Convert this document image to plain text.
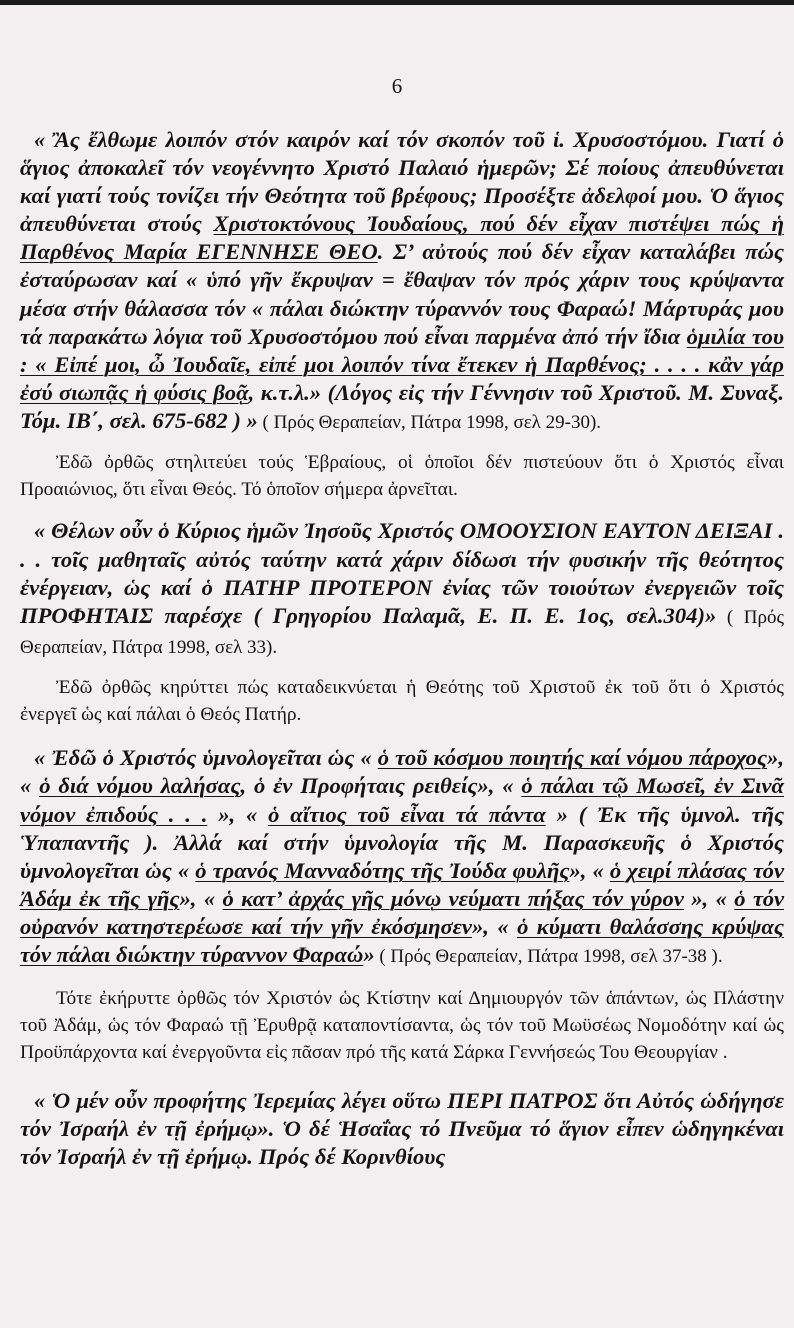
6

« Ἂς ἔλθωμε λοιπόν στόν καιρόν καί τόν σκοπόν τοῦ ἱ. Χρυσοστόμου. Γιατί ὁ ἅγιος ἀποκαλεῖ τόν νεογέννητο Χριστό Παλαιό ἡμερῶν; Σέ ποίους ἀπευθύνεται καί γιατί τούς τονίζει τήν Θεότητα τοῦ βρέφους; Προσέξτε ἀδελφοί μου. Ὁ ἅγιος ἀπευθύνεται στούς Χριστοκτόνους Ἰουδαίους, πού δέν εἶχαν πιστέψει πώς ἡ Παρθένος Μαρία ΕΓΕΝΝΗΣΕ ΘΕΟ. Σ’ αὐτούς πού δέν εἶχαν καταλάβει πώς ἐσταύρωσαν καί « ὑπό γῆν ἔκρυψαν = ἔθαψαν τόν πρός χάριν τους κρύψαντα μέσα στήν θάλασσα τόν « πάλαι διώκτην τύραννόν τους Φαραώ! Μάρτυράς μου τά παρακάτω λόγια τοῦ Χρυσοστόμου πού εἶναι παρμένα ἀπό τήν ἴδια ὁμιλία του : « Εἰπέ μοι, ὦ Ἰουδαῖε, εἰπέ μοι λοιπόν τίνα ἔτεκεν ἡ Παρθένος; . . . . κἂν γάρ ἐσύ σιωπᾷς ἡ φύσις βοᾷ, κ.τ.λ.» (Λόγος εἰς τήν Γέννησιν τοῦ Χριστοῦ. Μ. Συναξ. Τόμ. ΙΒ΄, σελ. 675-682 ) » ( Πρός Θεραπείαν, Πάτρα 1998, σελ 29-30).

Ἐδῶ ὀρθῶς στηλιτεύει τούς Ἑβραίους, οἱ ὁποῖοι δέν πιστεύουν ὅτι ὁ Χριστός εἶναι Προαιώνιος, ὅτι εἶναι Θεός. Τό ὁποῖον σήμερα ἀρνεῖται.

« Θέλων οὖν ὁ Κύριος ἡμῶν Ἰησοῦς Χριστός ΟΜΟΟΥΣΙΟΝ ΕΑΥΤΟΝ ΔΕΙΞΑΙ . . . τοῖς μαθηταῖς αὐτός ταύτην κατά χάριν δίδωσι τήν φυσικήν τῆς θεότητος ἐνέργειαν, ὡς καί ὁ ΠΑΤΗΡ ΠΡΟΤΕΡΟΝ ἐνίας τῶν τοιούτων ἐνεργειῶν τοῖς ΠΡΟΦΗΤΑΙΣ παρέσχε ( Γρηγορίου Παλαμᾶ, Ε. Π. Ε. 1ος, σελ.304)» ( Πρός Θεραπείαν, Πάτρα 1998, σελ 33).

Ἐδῶ ὀρθῶς κηρύττει πώς καταδεικνύεται ἡ Θεότης τοῦ Χριστοῦ ἐκ τοῦ ὅτι ὁ Χριστός ἐνεργεῖ ὡς καί πάλαι ὁ Θεός Πατήρ.

« Ἐδῶ ὁ Χριστός ὑμνολογεῖται ὡς « ὁ τοῦ κόσμου ποιητής καί νόμου πάροχος», « ὁ διά νόμου λαλήσας, ὁ ἐν Προφήταις ρειθείς», « ὁ πάλαι τῷ Μωσεῖ, ἐν Σινᾶ νόμον ἐπιδούς . . . », « ὁ αἴτιος τοῦ εἶναι τά πάντα » ( Ἐκ τῆς ὑμνολ. τῆς Ὑπαπαντῆς ). Ἀλλά καί στήν ὑμνολογία τῆς Μ. Παρασκευῆς ὁ Χριστός ὑμνολογεῖται ὡς « ὁ τρανός Μανναδότης τῆς Ἰούδα φυλῆς», « ὁ χειρί πλάσας τόν Ἀδάμ ἐκ τῆς γῆς», « ὁ κατ’ ἀρχάς γῆς μόνῳ νεύματι πήξας τόν γύρον », « ὁ τόν οὐρανόν κατηστερέωσε καί τήν γῆν ἐκόσμησεν», « ὁ κύματι θαλάσσης κρύψας τόν πάλαι διώκτην τύραννον Φαραώ» ( Πρός Θεραπείαν, Πάτρα 1998, σελ 37-38 ).

Τότε ἐκήρυττε ὀρθῶς τόν Χριστόν ὡς Κτίστην καί Δημιουργόν τῶν ἁπάντων, ὡς Πλάστην τοῦ Ἀδάμ, ὡς τόν Φαραώ τῇ Ἐρυθρᾷ καταποντίσαντα, ὡς τόν τοῦ Μωϋσέως Νομοδότην καί ὡς Προϋπάρχοντα καί ἐνεργοῦντα εἰς πᾶσαν πρό τῆς κατά Σάρκα Γεννήσεώς Του Θεουργίαν .

« Ὁ μέν οὖν προφήτης Ἰερεμίας λέγει οὕτω ΠΕΡΙ ΠΑΤΡΟΣ ὅτι Αὐτός ὡδήγησε τόν Ἰσραήλ ἐν τῇ ἐρήμῳ». Ὁ δέ Ἡσαΐας τό Πνεῦμα τό ἅγιον εἶπεν ὡδηγηκέναι τόν Ἰσραήλ ἐν τῇ ἐρήμῳ. Πρός δέ Κορινθίους
